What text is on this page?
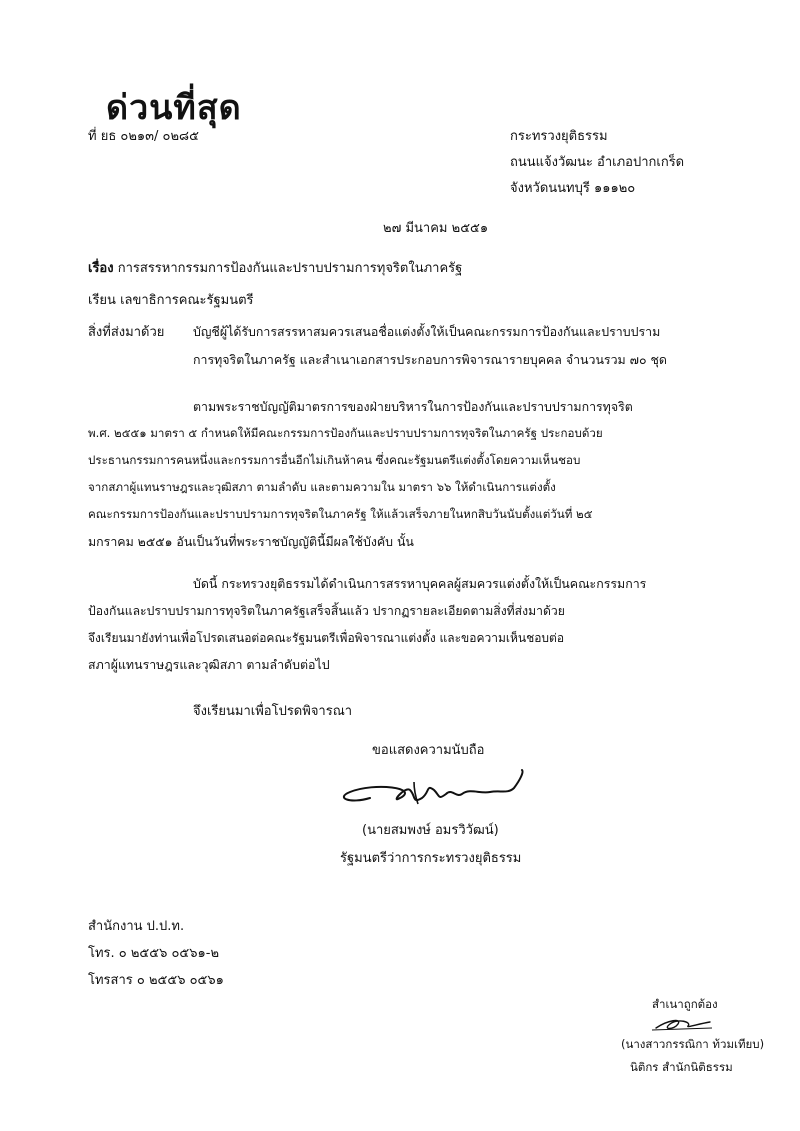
ด่วนที่สุด
ที่ ยธ ๐๒๑๓/ ๐๒๘๕	กระทรวงยุติธรรม
ถนนแจ้งวัฒนะ อำเภอปากเกร็ด
จังหวัดนนทบุรี ๑๑๑๒๐
๒๗ มีนาคม ๒๕๕๑
เรื่อง การสรรหากรรมการป้องกันและปราบปรามการทุจริตในภาครัฐ
เรียน เลขาธิการคณะรัฐมนตรี
สิ่งที่ส่งมาด้วย บัญชีผู้ได้รับการสรรหาสมควรเสนอชื่อแต่งตั้งให้เป็นคณะกรรมการป้องกันและปราบปราม
การทุจริตในภาครัฐ และสำเนาเอกสารประกอบการพิจารณารายบุคคล จำนวนรวม ๗๐ ชุด
ตามพระราชบัญญัติมาตรการของฝ่ายบริหารในการป้องกันและปราบปรามการทุจริต
พ.ศ. ๒๕๕๑ มาตรา ๕ กำหนดให้มีคณะกรรมการป้องกันและปราบปรามการทุจริตในภาครัฐ ประกอบด้วย
ประธานกรรมการคนหนึ่งและกรรมการอื่นอีกไม่เกินห้าคน ซึ่งคณะรัฐมนตรีแต่งตั้งโดยความเห็นชอบ
จากสภาผู้แทนราษฎรและวุฒิสภา ตามลำดับ และตามความใน มาตรา ๖๖ ให้ดำเนินการแต่งตั้ง
คณะกรรมการป้องกันและปราบปรามการทุจริตในภาครัฐ ให้แล้วเสร็จภายในหกสิบวันนับตั้งแต่วันที่ ๒๕
มกราคม ๒๕๕๑ อันเป็นวันที่พระราชบัญญัตินี้มีผลใช้บังคับ นั้น
บัดนี้ กระทรวงยุติธรรมได้ดำเนินการสรรหาบุคคลผู้สมควรแต่งตั้งให้เป็นคณะกรรมการ
ป้องกันและปราบปรามการทุจริตในภาครัฐเสร็จสิ้นแล้ว ปรากฏรายละเอียดตามสิ่งที่ส่งมาด้วย
จึงเรียนมายังท่านเพื่อโปรดเสนอต่อคณะรัฐมนตรีเพื่อพิจารณาแต่งตั้ง และขอความเห็นชอบต่อ
สภาผู้แทนราษฎรและวุฒิสภา ตามลำดับต่อไป
จึงเรียนมาเพื่อโปรดพิจารณา
ขอแสดงความนับถือ
(นายสมพงษ์ อมรวิวัฒน์)
รัฐมนตรีว่าการกระทรวงยุติธรรม
สำนักงาน ป.ป.ท.
โทร. ๐ ๒๕๕๖ ๐๕๖๑-๒
โทรสาร ๐ ๒๕๕๖ ๐๕๖๑
สำเนาถูกต้อง
(นางสาวกรรณิกา ท้วมเทียบ)
นิติกร สำนักนิติธรรม
